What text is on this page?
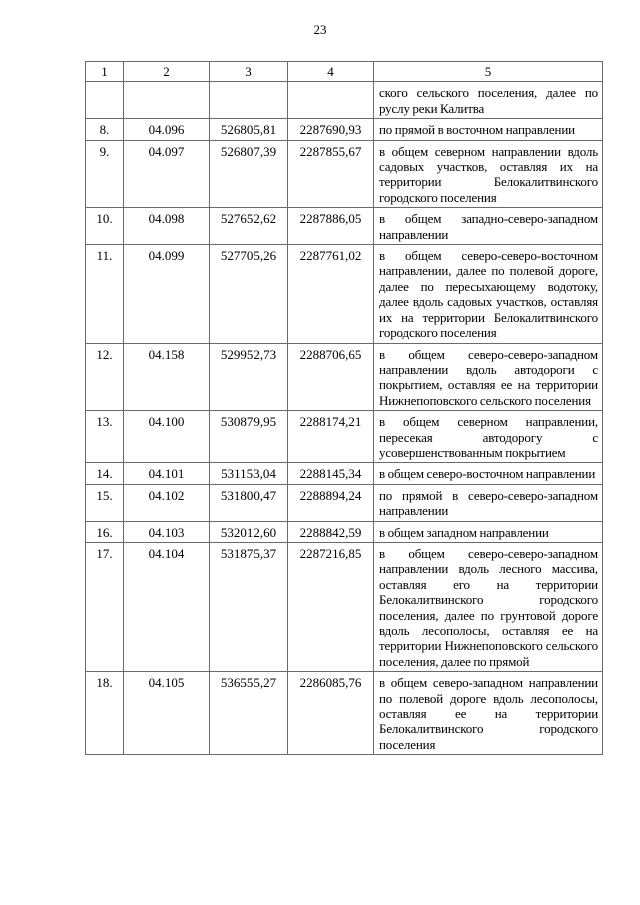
23
1	2	3	4	5
				ского сельского поселения, далее по руслу реки Калитва
8.	04.096	526805,81	2287690,93	по прямой в восточном направлении
9.	04.097	526807,39	2287855,67	в общем северном направлении вдоль садовых участков, оставляя их на территории Белокалитвинского городского поселения
10.	04.098	527652,62	2287886,05	в общем западно-северо-западном направлении
11.	04.099	527705,26	2287761,02	в общем северо-северо-восточном направлении, далее по полевой дороге, далее по пересыхающему водотоку, далее вдоль садовых участков, оставляя их на территории Белокалитвинского городского поселения
12.	04.158	529952,73	2288706,65	в общем северо-северо-западном направлении вдоль автодороги с покрытием, оставляя ее на территории Нижнепоповского сельского поселения
13.	04.100	530879,95	2288174,21	в общем северном направлении, пересекая автодорогу с усовершенствованным покрытием
14.	04.101	531153,04	2288145,34	в общем северо-восточном направлении
15.	04.102	531800,47	2288894,24	по прямой в северо-северо-западном направлении
16.	04.103	532012,60	2288842,59	в общем западном направлении
17.	04.104	531875,37	2287216,85	в общем северо-северо-западном направлении вдоль лесного массива, оставляя его на территории Белокалитвинского городского поселения, далее по грунтовой дороге вдоль лесополосы, оставляя ее на территории Нижнепоповского сельского поселения, далее по прямой
18.	04.105	536555,27	2286085,76	в общем северо-западном направлении по полевой дороге вдоль лесополосы, оставляя ее на территории Белокалитвинского городского поселения
